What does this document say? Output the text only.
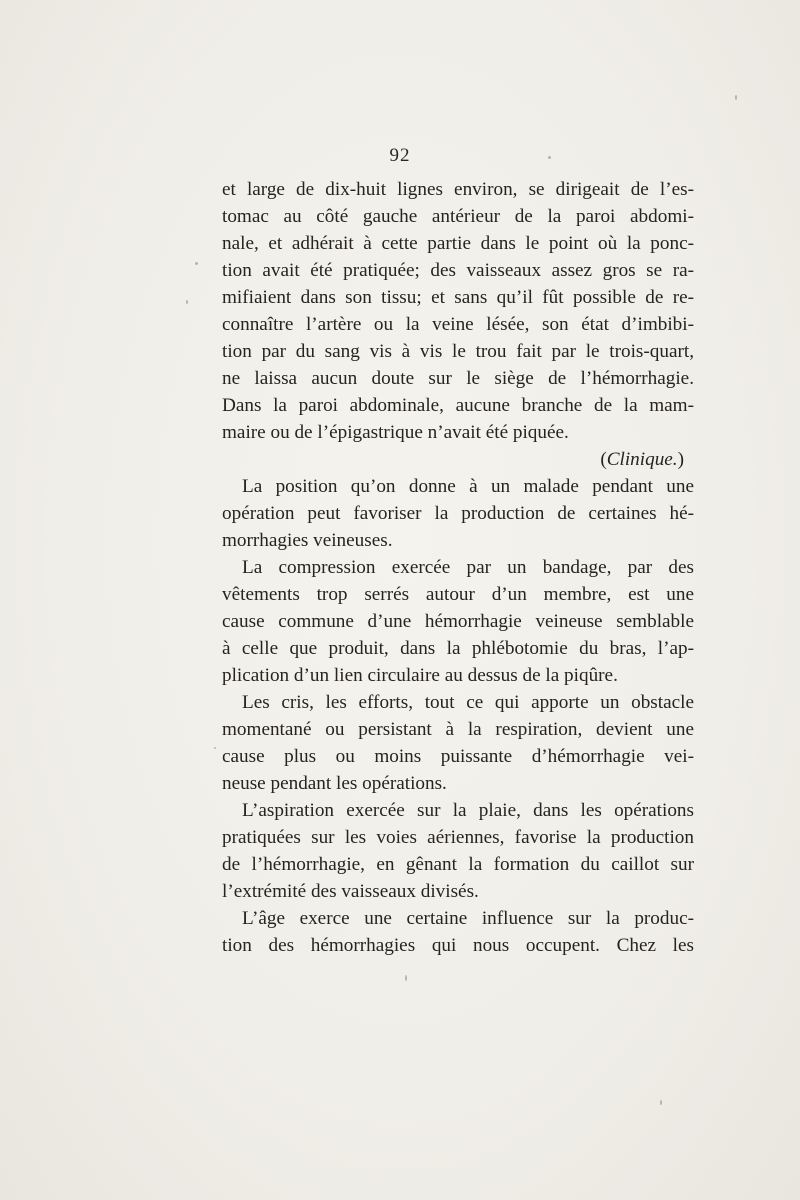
92
et large de dix-huit lignes environ, se dirigeait de l’es-
tomac au côté gauche antérieur de la paroi abdomi-
nale, et adhérait à cette partie dans le point où la ponc-
tion avait été pratiquée; des vaisseaux assez gros se ra-
mifiaient dans son tissu; et sans qu’il fût possible de re-
connaître l’artère ou la veine lésée, son état d’imbibi-
tion par du sang vis à vis le trou fait par le trois-quart,
ne laissa aucun doute sur le siège de l’hémorrhagie.
Dans la paroi abdominale, aucune branche de la mam-
maire ou de l’épigastrique n’avait été piquée.
(Clinique.)
La position qu’on donne à un malade pendant une
opération peut favoriser la production de certaines hé-
morrhagies veineuses.
La compression exercée par un bandage, par des
vêtements trop serrés autour d’un membre, est une
cause commune d’une hémorrhagie veineuse semblable
à celle que produit, dans la phlébotomie du bras, l’ap-
plication d’un lien circulaire au dessus de la piqûre.
Les cris, les efforts, tout ce qui apporte un obstacle
momentané ou persistant à la respiration, devient une
cause plus ou moins puissante d’hémorrhagie vei-
neuse pendant les opérations.
L’aspiration exercée sur la plaie, dans les opérations
pratiquées sur les voies aériennes, favorise la production
de l’hémorrhagie, en gênant la formation du caillot sur
l’extrémité des vaisseaux divisés.
L’âge exerce une certaine influence sur la produc-
tion des hémorrhagies qui nous occupent. Chez les
